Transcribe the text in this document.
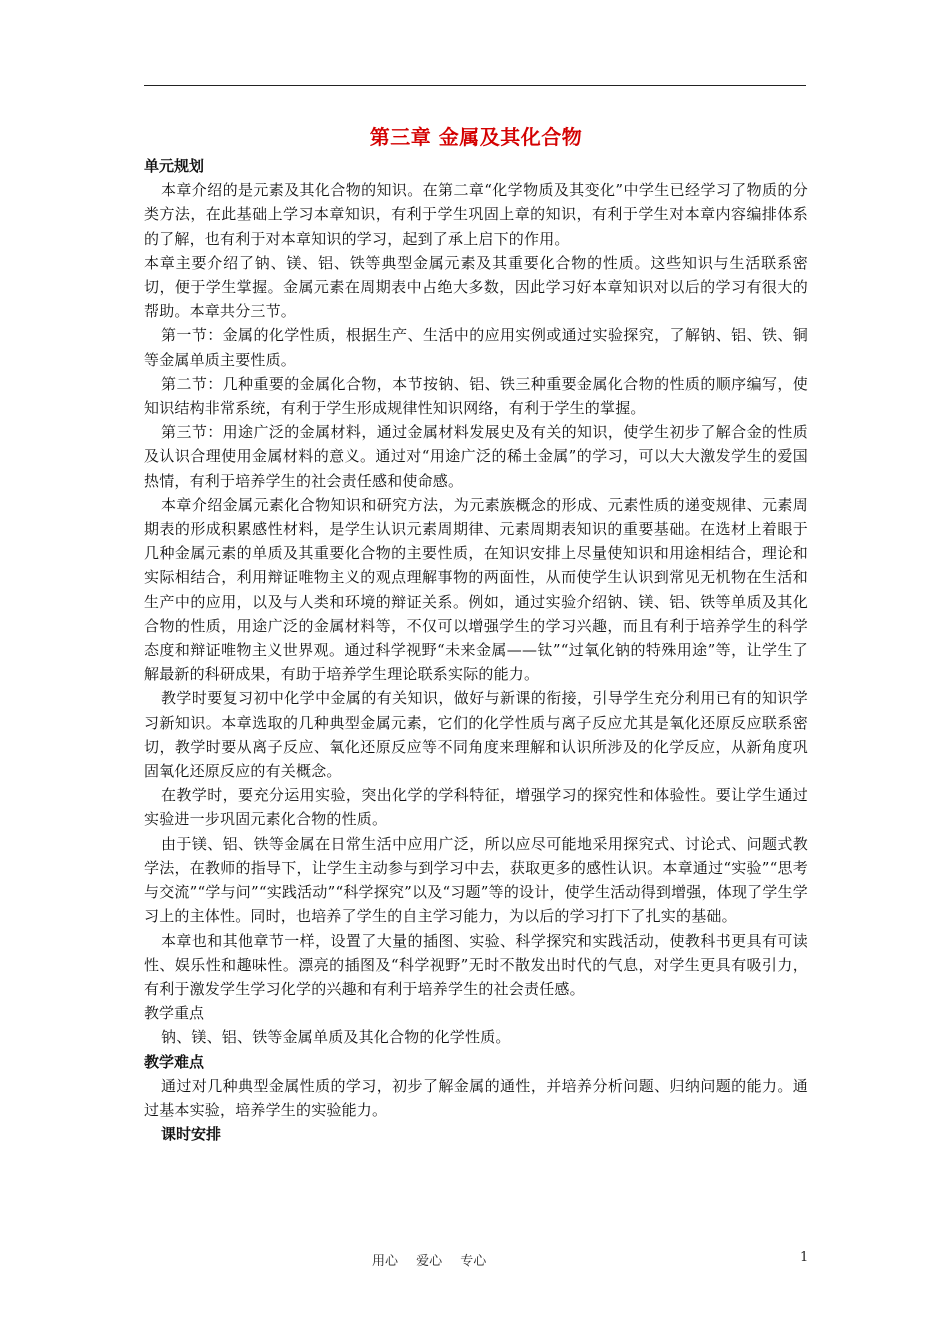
第三章 金属及其化合物

单元规划

本章介绍的是元素及其化合物的知识。在第二章“化学物质及其变化”中学生已经学习了物质的分类方法，在此基础上学习本章知识，有利于学生巩固上章的知识，有利于学生对本章内容编排体系的了解，也有利于对本章知识的学习，起到了承上启下的作用。

本章主要介绍了钠、镁、铝、铁等典型金属元素及其重要化合物的性质。这些知识与生活联系密切，便于学生掌握。金属元素在周期表中占绝大多数，因此学习好本章知识对以后的学习有很大的帮助。本章共分三节。

第一节：金属的化学性质，根据生产、生活中的应用实例或通过实验探究，了解钠、铝、铁、铜等金属单质主要性质。

第二节：几种重要的金属化合物，本节按钠、铝、铁三种重要金属化合物的性质的顺序编写，使知识结构非常系统，有利于学生形成规律性知识网络，有利于学生的掌握。

第三节：用途广泛的金属材料，通过金属材料发展史及有关的知识，使学生初步了解合金的性质及认识合理使用金属材料的意义。通过对“用途广泛的稀土金属”的学习，可以大大激发学生的爱国热情，有利于培养学生的社会责任感和使命感。

本章介绍金属元素化合物知识和研究方法，为元素族概念的形成、元素性质的递变规律、元素周期表的形成积累感性材料，是学生认识元素周期律、元素周期表知识的重要基础。在选材上着眼于几种金属元素的单质及其重要化合物的主要性质，在知识安排上尽量使知识和用途相结合，理论和实际相结合，利用辩证唯物主义的观点理解事物的两面性，从而使学生认识到常见无机物在生活和生产中的应用，以及与人类和环境的辩证关系。例如，通过实验介绍钠、镁、铝、铁等单质及其化合物的性质，用途广泛的金属材料等，不仅可以增强学生的学习兴趣，而且有利于培养学生的科学态度和辩证唯物主义世界观。通过科学视野“未来金属——钛”“过氧化钠的特殊用途”等，让学生了解最新的科研成果，有助于培养学生理论联系实际的能力。

教学时要复习初中化学中金属的有关知识，做好与新课的衔接，引导学生充分利用已有的知识学习新知识。本章选取的几种典型金属元素，它们的化学性质与离子反应尤其是氧化还原反应联系密切，教学时要从离子反应、氧化还原反应等不同角度来理解和认识所涉及的化学反应，从新角度巩固氧化还原反应的有关概念。

在教学时，要充分运用实验，突出化学的学科特征，增强学习的探究性和体验性。要让学生通过实验进一步巩固元素化合物的性质。

由于镁、铝、铁等金属在日常生活中应用广泛，所以应尽可能地采用探究式、讨论式、问题式教学法，在教师的指导下，让学生主动参与到学习中去，获取更多的感性认识。本章通过“实验”“思考与交流”“学与问”“实践活动”“科学探究”以及“习题”等的设计，使学生活动得到增强，体现了学生学习上的主体性。同时，也培养了学生的自主学习能力，为以后的学习打下了扎实的基础。

本章也和其他章节一样，设置了大量的插图、实验、科学探究和实践活动，使教科书更具有可读性、娱乐性和趣味性。漂亮的插图及“科学视野”无时不散发出时代的气息，对学生更具有吸引力，有利于激发学生学习化学的兴趣和有利于培养学生的社会责任感。

教学重点

钠、镁、铝、铁等金属单质及其化合物的化学性质。

教学难点

通过对几种典型金属性质的学习，初步了解金属的通性，并培养分析问题、归纳问题的能力。通过基本实验，培养学生的实验能力。

课时安排

用心 爱心 专心	1
